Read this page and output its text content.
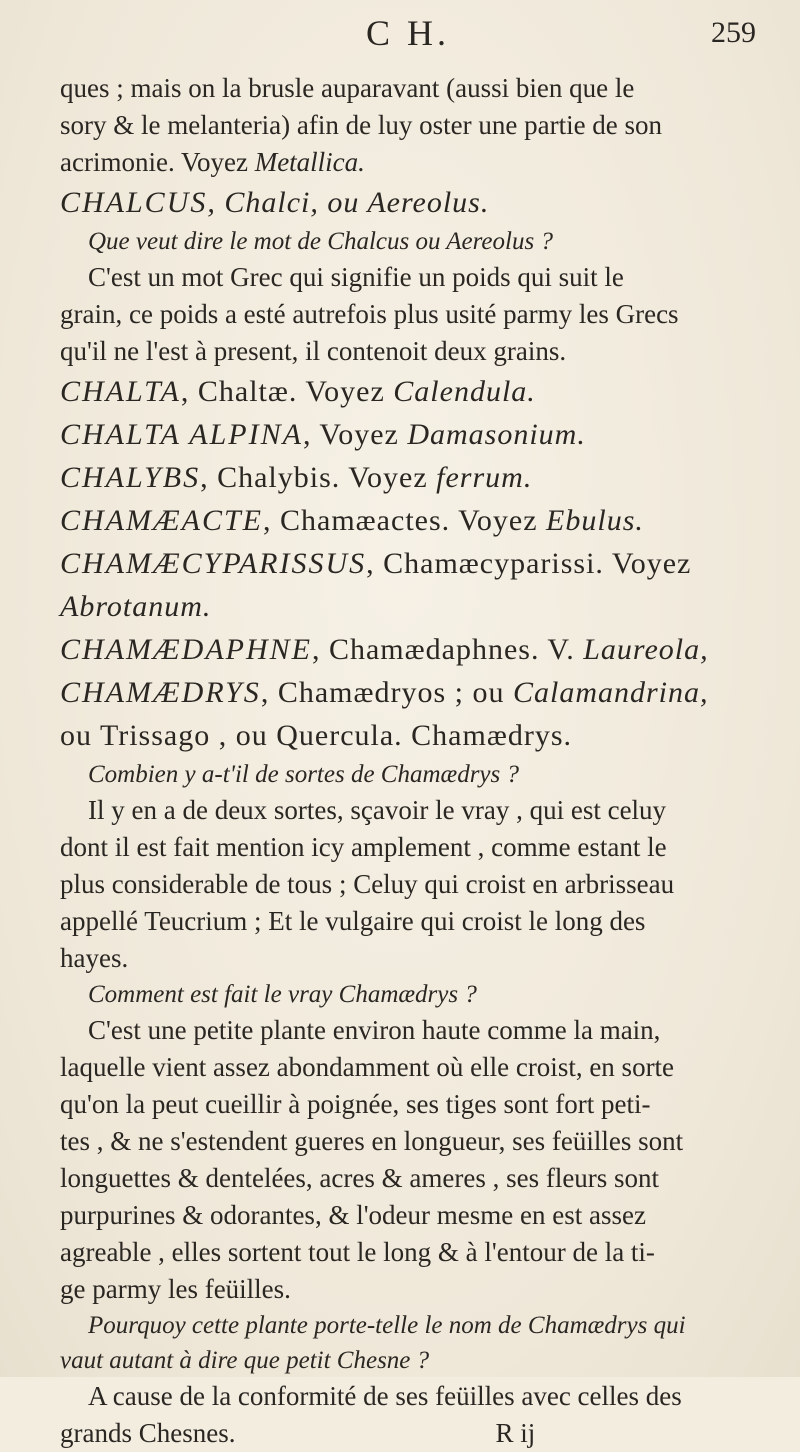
C H.	259
ques ; mais on la brusle auparavant (aussi bien que le
sory & le melanteria) afin de luy oster une partie de son
acrimonie. Voyez Metallica.
CHALCUS, Chalci, ou Aereolus.
Que veut dire le mot de Chalcus ou Aereolus ?
C'est un mot Grec qui signifie un poids qui suit le
grain, ce poids a esté autrefois plus usité parmy les Grecs
qu'il ne l'est à present, il contenoit deux grains.
CHALTA, Chaltæ. Voyez Calendula.
CHALTA ALPINA, Voyez Damasonium.
CHALYBS, Chalybis. Voyez ferrum.
CHAMÆACTE, Chamæactes. Voyez Ebulus.
CHAMÆCYPARISSUS, Chamæcyparissi. Voyez
Abrotanum.
CHAMÆDAPHNE, Chamædaphnes. V. Laureola,
CHAMÆDRYS, Chamædryos ; ou Calamandrina,
ou Trissago , ou Quercula. Chamædrys.
Combien y a-t'il de sortes de Chamædrys ?
Il y en a de deux sortes, sçavoir le vray , qui est celuy
dont il est fait mention icy amplement , comme estant le
plus considerable de tous ; Celuy qui croist en arbrisseau
appellé Teucrium ; Et le vulgaire qui croist le long des
hayes.
Comment est fait le vray Chamædrys ?
C'est une petite plante environ haute comme la main,
laquelle vient assez abondamment où elle croist, en sorte
qu'on la peut cueillir à poignée, ses tiges sont fort peti-
tes , & ne s'estendent gueres en longueur, ses feüilles sont
longuettes & dentelées, acres & ameres , ses fleurs sont
purpurines & odorantes, & l'odeur mesme en est assez
agreable , elles sortent tout le long & à l'entour de la ti-
ge parmy les feüilles.
Pourquoy cette plante porte-telle le nom de Chamædrys qui
vaut autant à dire que petit Chesne ?
A cause de la conformité de ses feüilles avec celles des
grands Chesnes.	R ij
